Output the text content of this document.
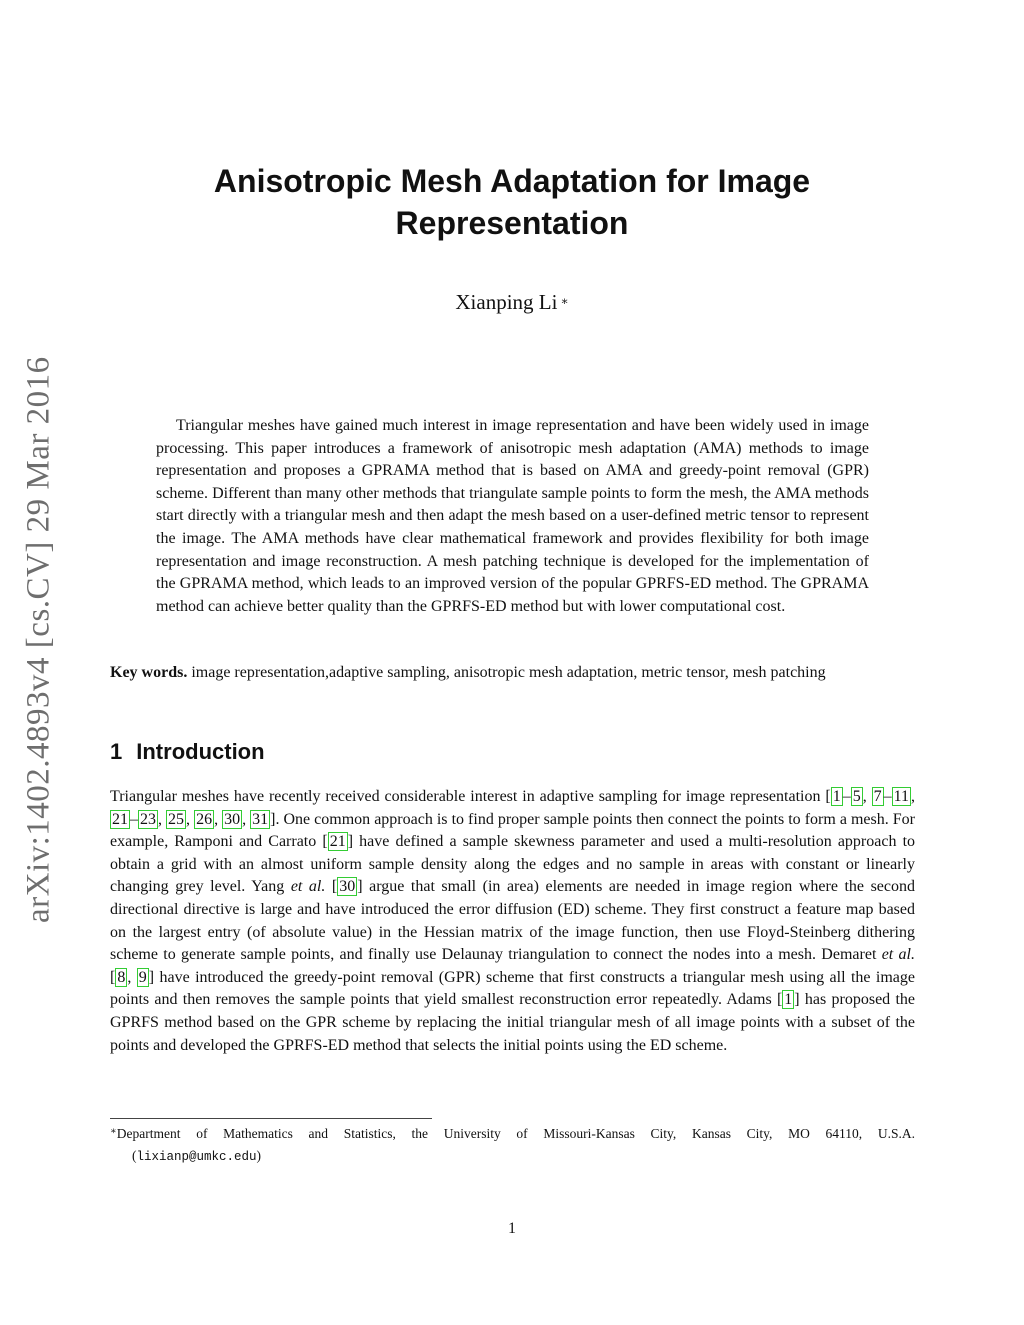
arXiv:1402.4893v4 [cs.CV] 29 Mar 2016
Anisotropic Mesh Adaptation for Image
Representation
Xianping Li ∗

Triangular meshes have gained much interest in image representation and have been widely used in image processing. This paper introduces a framework of anisotropic mesh adaptation (AMA) methods to image representation and proposes a GPRAMA method that is based on AMA and greedy-point removal (GPR) scheme. Different than many other methods that triangulate sample points to form the mesh, the AMA methods start directly with a triangular mesh and then adapt the mesh based on a user-defined metric tensor to represent the image. The AMA methods have clear mathematical framework and provides flexibility for both image representation and image reconstruction. A mesh patching technique is developed for the implementation of the GPRAMA method, which leads to an improved version of the popular GPRFS-ED method. The GPRAMA method can achieve better quality than the GPRFS-ED method but with lower computational cost.

Key words. image representation,adaptive sampling, anisotropic mesh adaptation, metric tensor, mesh patching

1 Introduction

Triangular meshes have recently received considerable interest in adaptive sampling for image representation [ 1 – 5 , 7 – 11 , 21 – 23 , 25 , 26 , 30 , 31 ]. One common approach is to find proper sample points then connect the points to form a mesh. For example, Ramponi and Carrato [ 21 ] have defined a sample skewness parameter and used a multi-resolution approach to obtain a grid with an almost uniform sample density along the edges and no sample in areas with constant or linearly changing grey level. Yang et al. [ 30 ] argue that small (in area) elements are needed in image region where the second directional directive is large and have introduced the error diffusion (ED) scheme. They first construct a feature map based on the largest entry (of absolute value) in the Hessian matrix of the image function, then use Floyd-Steinberg dithering scheme to generate sample points, and finally use Delaunay triangulation to connect the nodes into a mesh. Demaret et al. [ 8 , 9 ] have introduced the greedy-point removal (GPR) scheme that first constructs a triangular mesh using all the image points and then removes the sample points that yield smallest reconstruction error repeatedly. Adams [ 1 ] has proposed the GPRFS method based on the GPR scheme by replacing the initial triangular mesh of all image points with a subset of the points and developed the GPRFS-ED method that selects the initial points using the ED scheme.

∗Department of Mathematics and Statistics, the University of Missouri-Kansas City, Kansas City, MO 64110, U.S.A.
(lixianp@umkc.edu)

1
